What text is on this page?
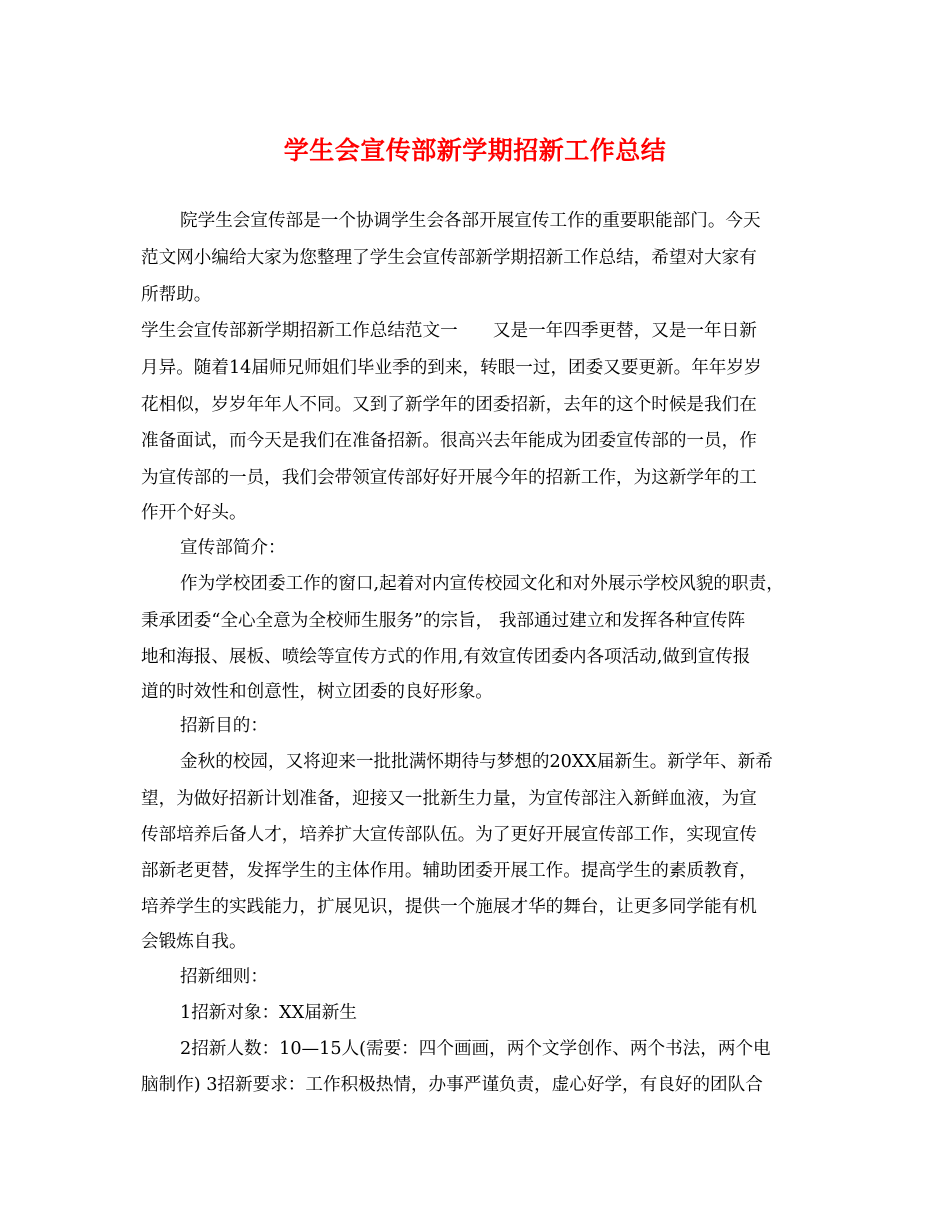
学生会宣传部新学期招新工作总结
院学生会宣传部是一个协调学生会各部开展宣传工作的重要职能部门。今天
范文网小编给大家为您整理了学生会宣传部新学期招新工作总结，希望对大家有
所帮助。
学生会宣传部新学期招新工作总结范文一　　又是一年四季更替，又是一年日新
月异。随着14届师兄师姐们毕业季的到来，转眼一过，团委又要更新。年年岁岁
花相似，岁岁年年人不同。又到了新学年的团委招新，去年的这个时候是我们在
准备面试，而今天是我们在准备招新。很高兴去年能成为团委宣传部的一员，作
为宣传部的一员，我们会带领宣传部好好开展今年的招新工作，为这新学年的工
作开个好头。
宣传部简介：
作为学校团委工作的窗口,起着对内宣传校园文化和对外展示学校风貌的职责，
秉承团委“全心全意为全校师生服务”的宗旨， 我部通过建立和发挥各种宣传阵
地和海报、展板、喷绘等宣传方式的作用,有效宣传团委内各项活动,做到宣传报
道的时效性和创意性，树立团委的良好形象。
招新目的：
金秋的校园，又将迎来一批批满怀期待与梦想的20XX届新生。新学年、新希
望，为做好招新计划准备，迎接又一批新生力量，为宣传部注入新鲜血液，为宣
传部培养后备人才，培养扩大宣传部队伍。为了更好开展宣传部工作，实现宣传
部新老更替，发挥学生的主体作用。辅助团委开展工作。提高学生的素质教育，
培养学生的实践能力，扩展见识，提供一个施展才华的舞台，让更多同学能有机
会锻炼自我。
招新细则：
1招新对象：XX届新生
2招新人数：10—15人(需要：四个画画，两个文学创作、两个书法，两个电
脑制作) 3招新要求：工作积极热情，办事严谨负责，虚心好学，有良好的团队合
